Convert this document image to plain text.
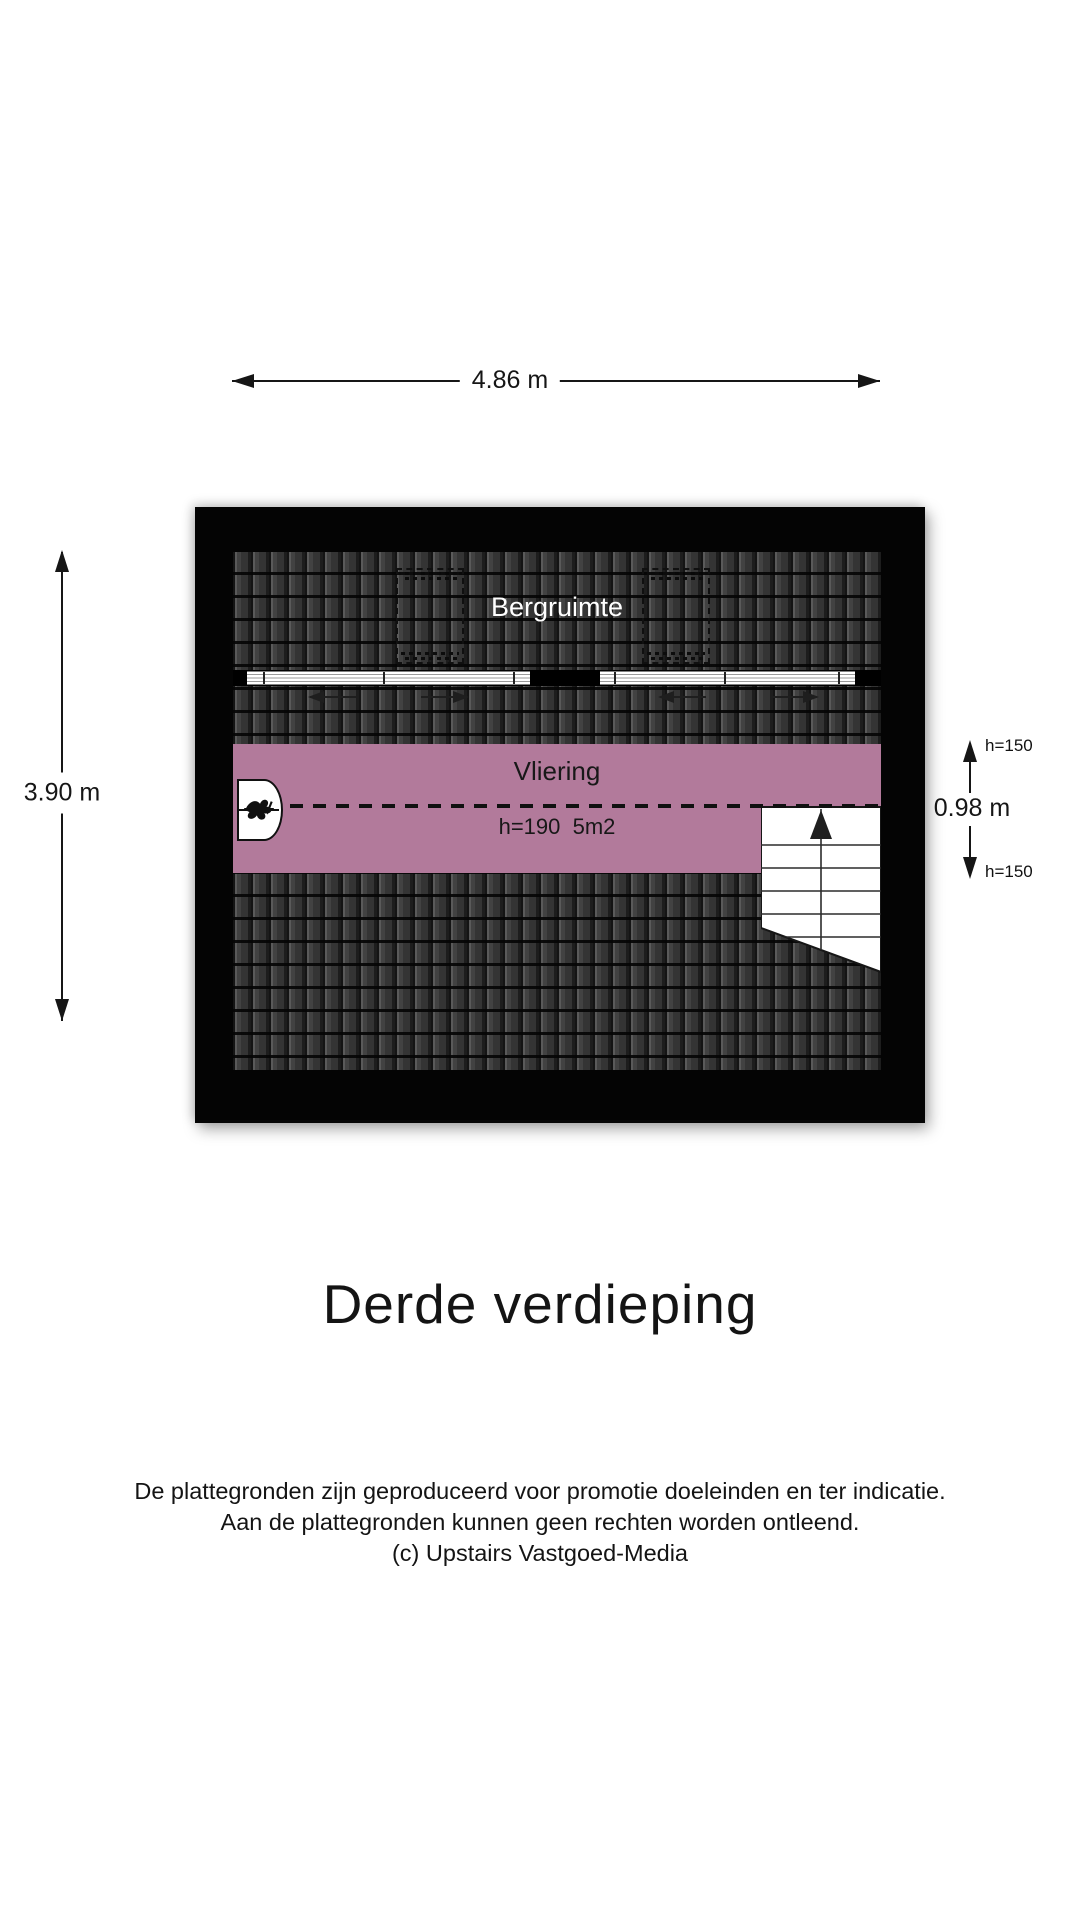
4.86 m
3.90 m
h=150
0.98 m
h=150
Bergruimte
Vliering
h=190  5m2
Derde verdieping
De plattegronden zijn geproduceerd voor promotie doeleinden en ter indicatie.
Aan de plattegronden kunnen geen rechten worden ontleend.
(c) Upstairs Vastgoed-Media
